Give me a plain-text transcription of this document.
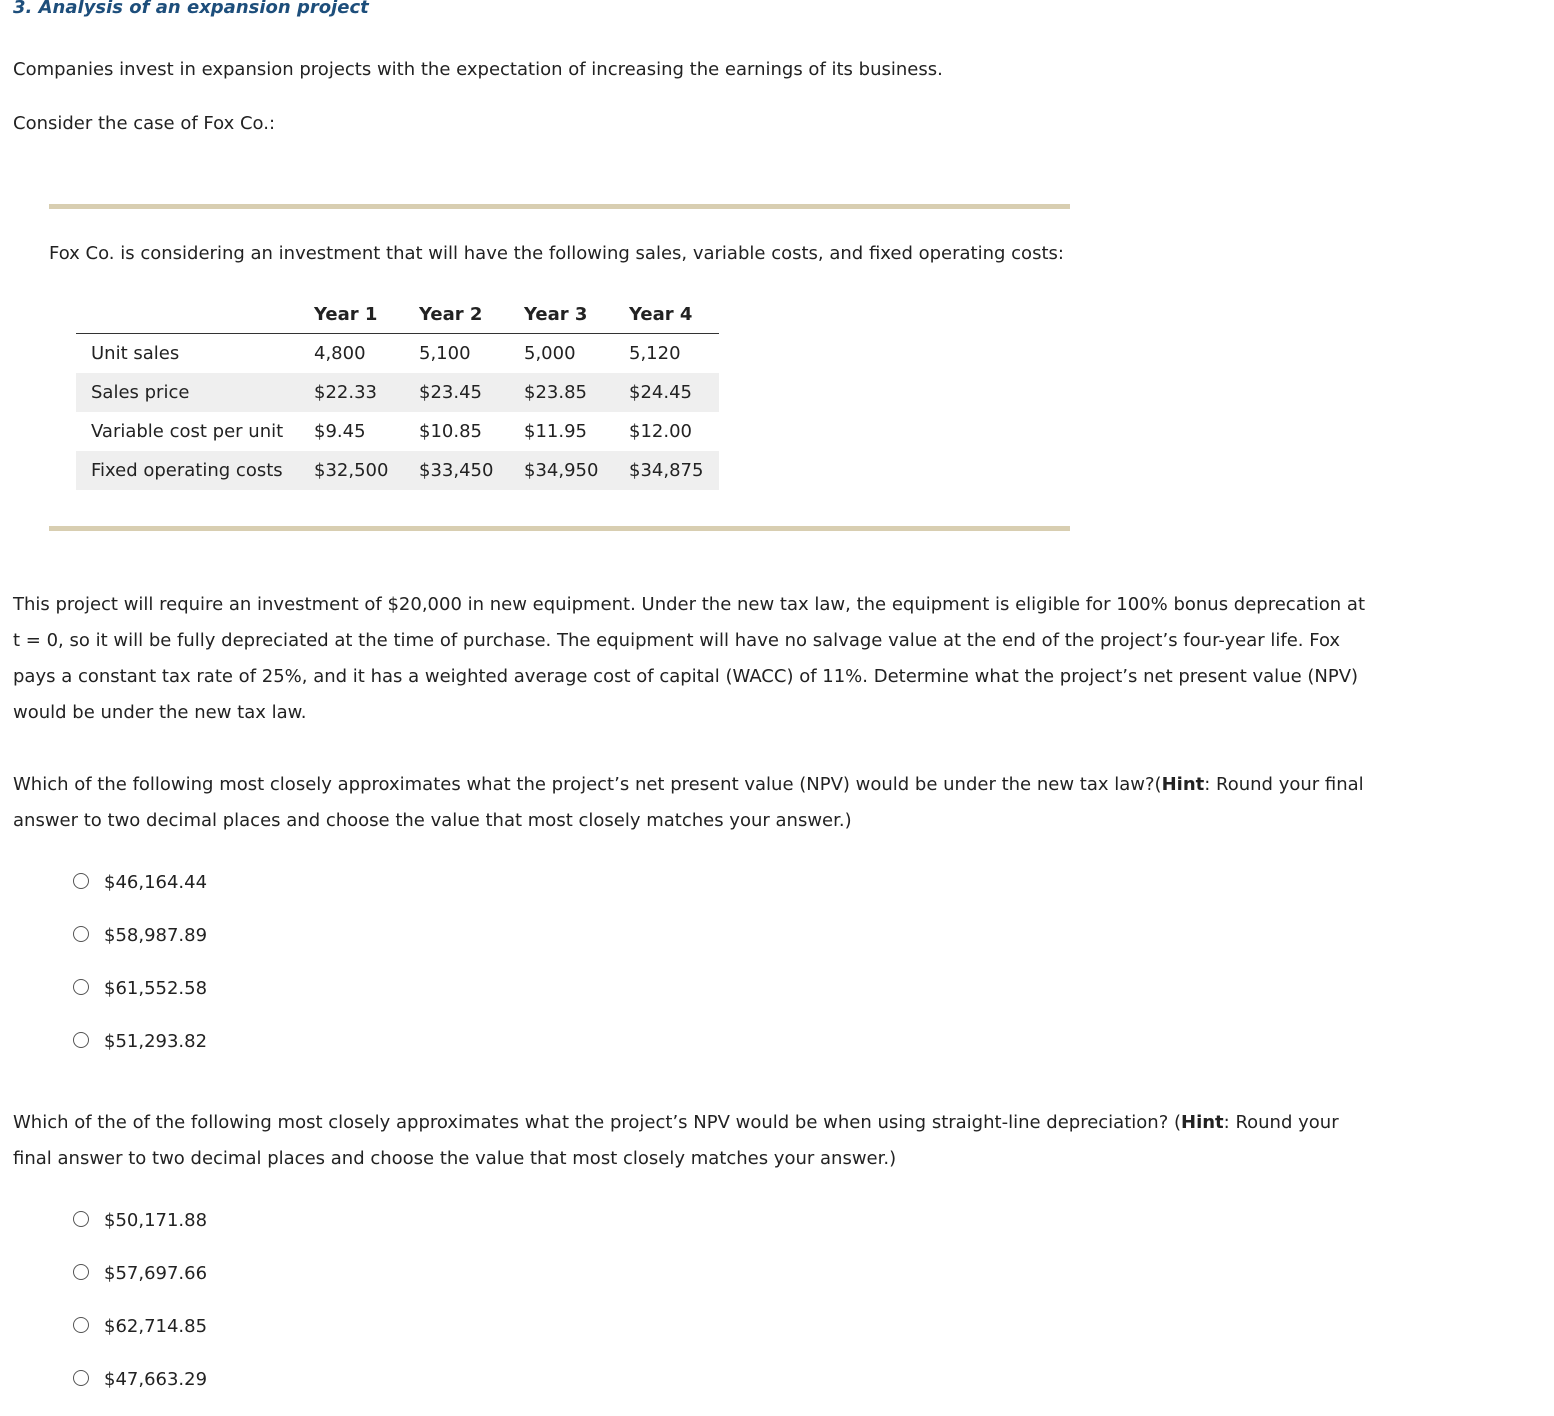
3. Analysis of an expansion project
Companies invest in expansion projects with the expectation of increasing the earnings of its business.
Consider the case of Fox Co.:
Fox Co. is considering an investment that will have the following sales, variable costs, and fixed operating costs:
	Year 1	Year 2	Year 3	Year 4
Unit sales	4,800	5,100	5,000	5,120
Sales price	$22.33	$23.45	$23.85	$24.45
Variable cost per unit	$9.45	$10.85	$11.95	$12.00
Fixed operating costs	$32,500	$33,450	$34,950	$34,875
This project will require an investment of $20,000 in new equipment. Under the new tax law, the equipment is eligible for 100% bonus deprecation at
t = 0, so it will be fully depreciated at the time of purchase. The equipment will have no salvage value at the end of the project’s four-year life. Fox
pays a constant tax rate of 25%, and it has a weighted average cost of capital (WACC) of 11%. Determine what the project’s net present value (NPV)
would be under the new tax law.
Which of the following most closely approximates what the project’s net present value (NPV) would be under the new tax law?(Hint: Round your final
answer to two decimal places and choose the value that most closely matches your answer.)
$46,164.44
$58,987.89
$61,552.58
$51,293.82
Which of the of the following most closely approximates what the project’s NPV would be when using straight-line depreciation? (Hint: Round your
final answer to two decimal places and choose the value that most closely matches your answer.)
$50,171.88
$57,697.66
$62,714.85
$47,663.29
